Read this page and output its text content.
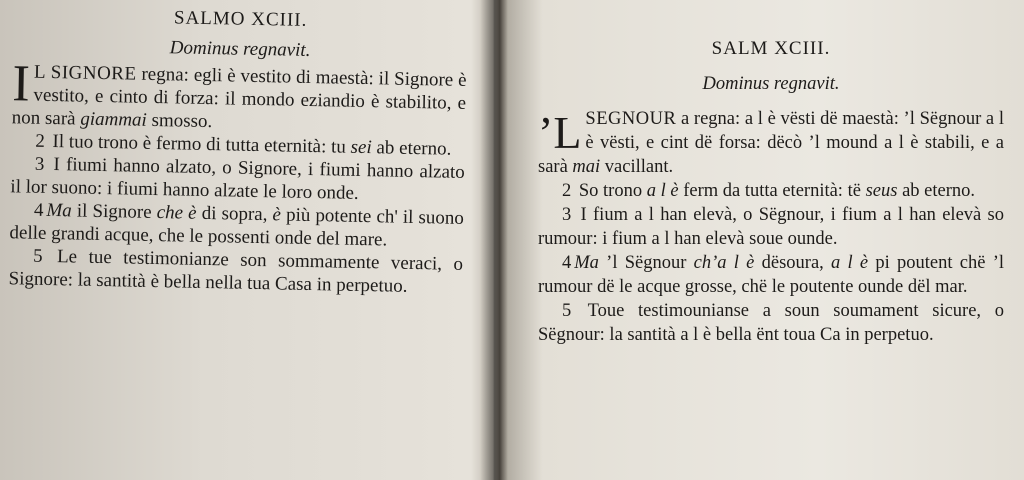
SALMO XCIII.
Dominus regnavit.

I L SIGNORE regna: egli è vestito di maestà: il Signore è vestito, e cinto di forza: il mondo eziandio è stabilito, e non sarà giammai smosso.

2 Il tuo trono è fermo di tutta eternità: tu sei ab eterno.

3 I fiumi hanno alzato, o Signore, i fiumi hanno alzato il lor suono: i fiumi hanno alzate le loro onde.

4 Ma il Signore che è di sopra, è più potente ch' il suono delle grandi acque, che le possenti onde del mare.

5 Le tue testimonianze son sommamente veraci, o Signore: la santità è bella nella tua Casa in perpetuo.

SALM XCIII.
Dominus regnavit.

’L SEGNOUR a regna: a l è vësti dë maestà: ’l Sëgnour a l è vësti, e cint dë forsa: dëcò ’l mound a l è stabili, e a sarà mai vacillant.

2 So trono a l è ferm da tutta eternità: të seus ab eterno.

3 I fium a l han elevà, o Sëgnour, i fium a l han elevà so rumour: i fium a l han elevà soue ounde.

4 Ma ’l Sëgnour ch’a l è dësoura, a l è pi poutent chë ’l rumour dë le acque grosse, chë le poutente ounde dël mar.

5 Toue testimounianse a soun soumament sicure, o Sëgnour: la santità a l è bella ënt toua Ca in perpetuo.
